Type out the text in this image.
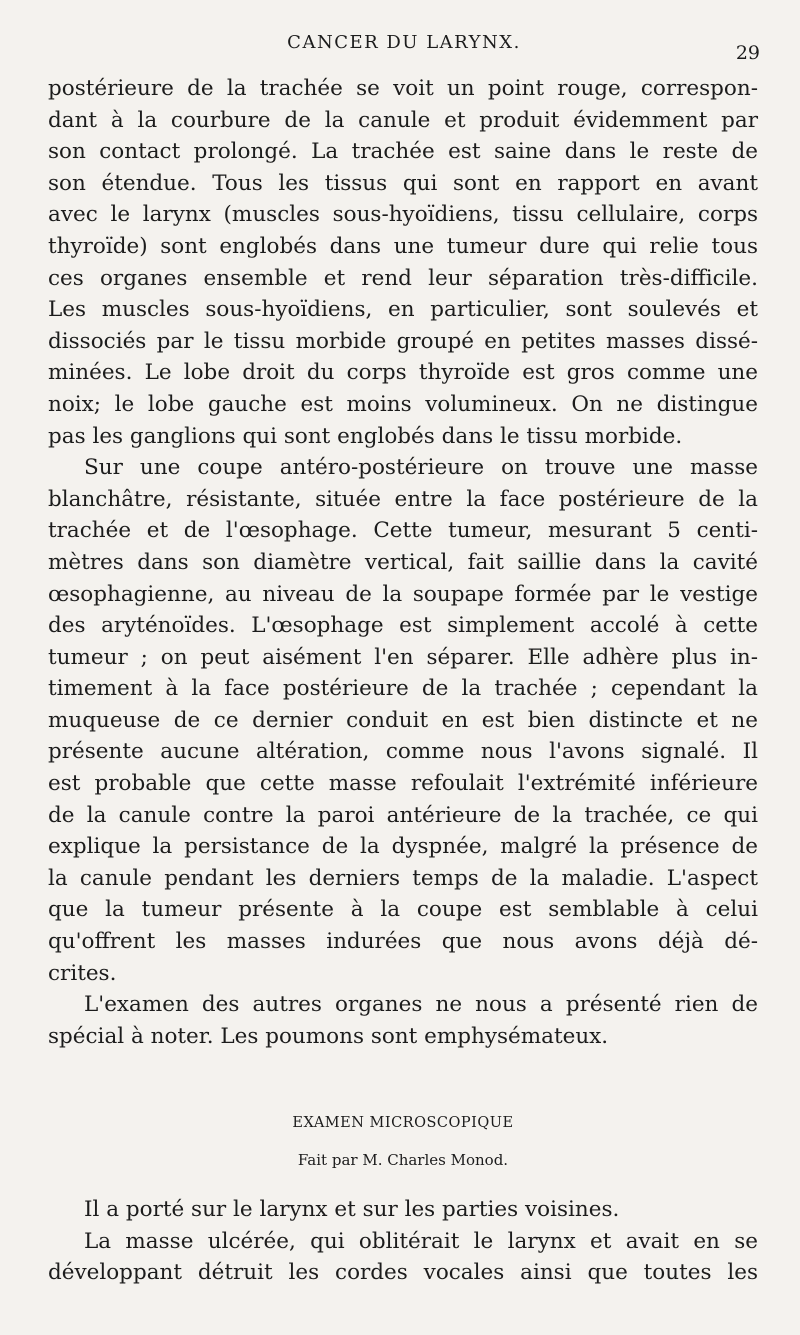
CANCER DU LARYNX.	29
postérieure de la trachée se voit un point rouge, correspon-
dant à la courbure de la canule et produit évidemment par
son contact prolongé. La trachée est saine dans le reste de
son étendue. Tous les tissus qui sont en rapport en avant
avec le larynx (muscles sous-hyoïdiens, tissu cellulaire, corps
thyroïde) sont englobés dans une tumeur dure qui relie tous
ces organes ensemble et rend leur séparation très-difficile.
Les muscles sous-hyoïdiens, en particulier, sont soulevés et
dissociés par le tissu morbide groupé en petites masses dissé-
minées. Le lobe droit du corps thyroïde est gros comme une
noix; le lobe gauche est moins volumineux. On ne distingue
pas les ganglions qui sont englobés dans le tissu morbide.
Sur une coupe antéro-postérieure on trouve une masse
blanchâtre, résistante, située entre la face postérieure de la
trachée et de l'œsophage. Cette tumeur, mesurant 5 centi-
mètres dans son diamètre vertical, fait saillie dans la cavité
œsophagienne, au niveau de la soupape formée par le vestige
des aryténoïdes. L'œsophage est simplement accolé à cette
tumeur ; on peut aisément l'en séparer. Elle adhère plus in-
timement à la face postérieure de la trachée ; cependant la
muqueuse de ce dernier conduit en est bien distincte et ne
présente aucune altération, comme nous l'avons signalé. Il
est probable que cette masse refoulait l'extrémité inférieure
de la canule contre la paroi antérieure de la trachée, ce qui
explique la persistance de la dyspnée, malgré la présence de
la canule pendant les derniers temps de la maladie. L'aspect
que la tumeur présente à la coupe est semblable à celui
qu'offrent les masses indurées que nous avons déjà dé-
crites.
L'examen des autres organes ne nous a présenté rien de
spécial à noter. Les poumons sont emphysémateux.
EXAMEN MICROSCOPIQUE
Fait par M. Charles Monod.
Il a porté sur le larynx et sur les parties voisines.
La masse ulcérée, qui oblitérait le larynx et avait en se
développant détruit les cordes vocales ainsi que toutes les
